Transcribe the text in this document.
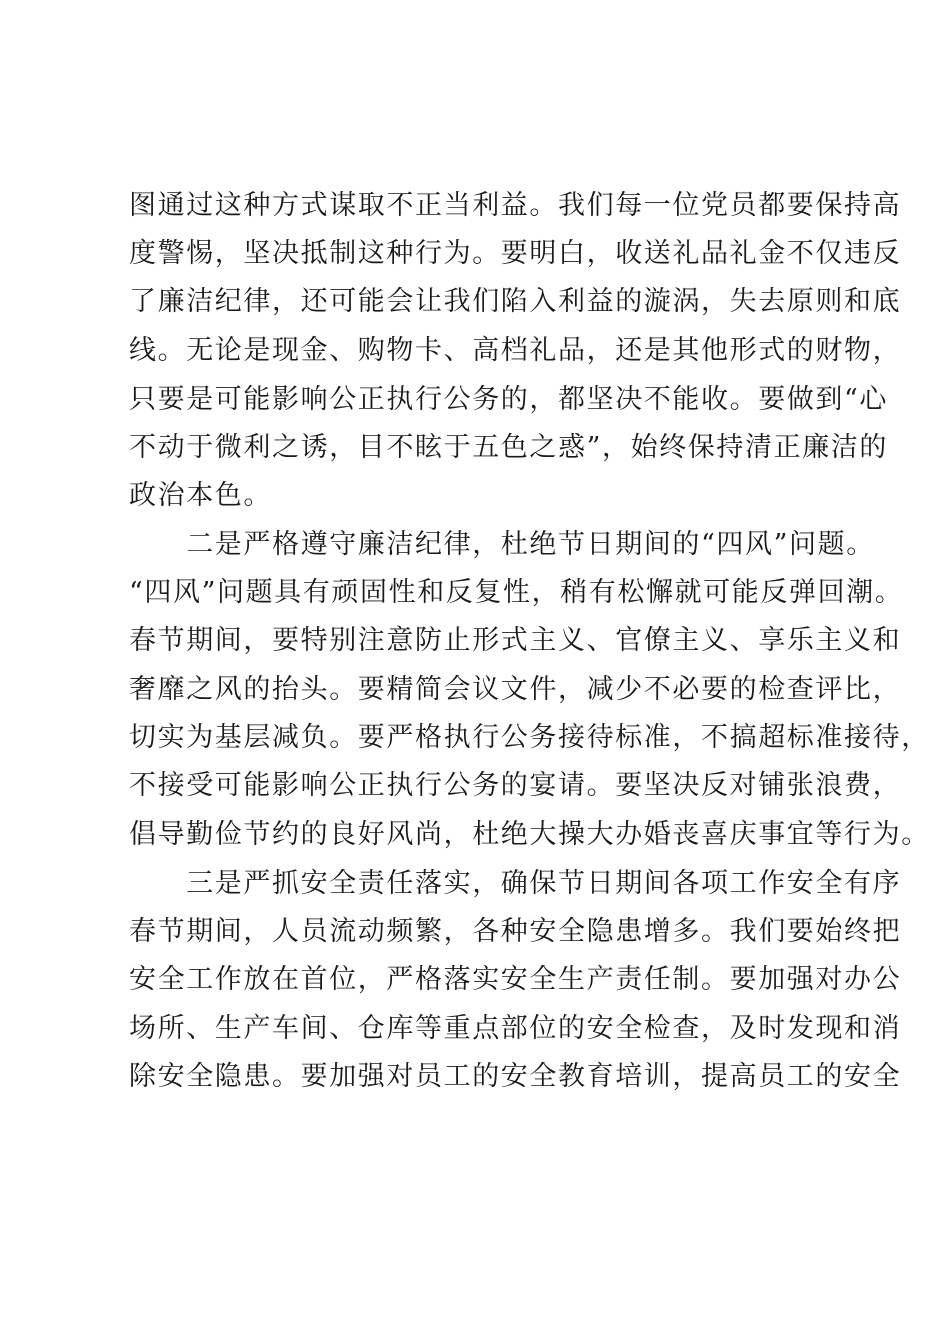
图通过这种方式谋取不正当利益。我们每一位党员都要保持高
度警惕，坚决抵制这种行为。要明白，收送礼品礼金不仅违反
了廉洁纪律，还可能会让我们陷入利益的漩涡，失去原则和底
线。无论是现金、购物卡、高档礼品，还是其他形式的财物，
只要是可能影响公正执行公务的，都坚决不能收。要做到“心
不动于微利之诱，目不眩于五色之惑”，始终保持清正廉洁的
政治本色。
　　二是严格遵守廉洁纪律，杜绝节日期间的“四风”问题。
“四风”问题具有顽固性和反复性，稍有松懈就可能反弹回潮。
春节期间，要特别注意防止形式主义、官僚主义、享乐主义和
奢靡之风的抬头。要精简会议文件，减少不必要的检查评比，
切实为基层减负。要严格执行公务接待标准，不搞超标准接待，
不接受可能影响公正执行公务的宴请。要坚决反对铺张浪费，
倡导勤俭节约的良好风尚，杜绝大操大办婚丧喜庆事宜等行为。
　　三是严抓安全责任落实，确保节日期间各项工作安全有序
春节期间，人员流动频繁，各种安全隐患增多。我们要始终把
安全工作放在首位，严格落实安全生产责任制。要加强对办公
场所、生产车间、仓库等重点部位的安全检查，及时发现和消
除安全隐患。要加强对员工的安全教育培训，提高员工的安全
